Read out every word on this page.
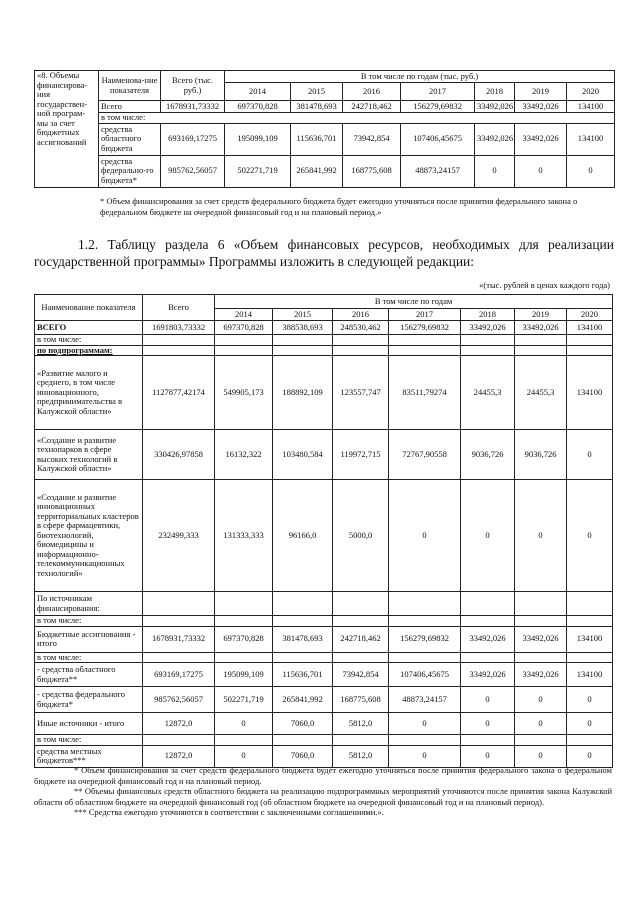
«8. Объемы финансирова-ния государствен-ной програм-мы за счет бюджетных ассигнований	Наименова-ние показателя	Всего (тыс. руб.)	В том числе по годам (тыс. руб.)						
			2014	2015	2016	2017	2018	2019	2020
	Всего	1678931,73332	697370,828	381478,693	242718,462	156279,69832	33492,026	33492,026	134100
	в том числе:								
	средства областного бюджета	693169,17275	195099,109	115636,701	73942,854	107406,45675	33492,026	33492,026	134100
	средства федерально-го бюджета*	985762,56057	502271,719	265841,992	168775,608	48873,24157	0	0	0
* Объем финансирования за счет средств федерального бюджета будет ежегодно уточняться после принятия федерального закона о федеральном бюджете на очередной финансовый год и на плановый период.»
1.2. Таблицу раздела 6 «Объем финансовых ресурсов, необходимых для реализации государственной программы» Программы изложить в следующей редакции:
«(тыс. рублей в ценах каждого года)
Наименование показателя	Всего	В том числе по годам						
		2014	2015	2016	2017	2018	2019	2020
ВСЕГО	1691803,73332	697370,828	388538,693	248530,462	156279,69832	33492,026	33492,026	134100
в том числе:								
по подпрограммам:								
«Развитие малого и среднего, в том числе инновационного, предпринимательства в Калужской области»	1127877,42174	549905,173	188892,109	123557,747	83511,79274	24455,3	24455,3	134100
«Создание и развитие технопарков в сфере высоких технологий в Калужской области»	330426,97858	16132,322	103480,584	119972,715	72767,90558	9036,726	9036,726	0
«Создание и развитие инновационных территориальных кластеров в сфере фармацевтики, биотехнологий, биомедицины и информационно-телекоммуникационных технологий»	232499,333	131333,333	96166,0	5000,0	0	0	0	0
По источникам финансирования:								
в том числе:								
Бюджетные ассигнования - итого	1678931,73332	697370,828	381478,693	242718,462	156279,69832	33492,026	33492,026	134100
в том числе:								
- средства областного бюджета**	693169,17275	195099,109	115636,701	73942,854	107406,45675	33492,026	33492,026	134100
- средства федерального бюджета*	985762,56057	502271,719	265841,992	168775,608	48873,24157	0	0	0
Иные источники - итого	12872,0	0	7060,0	5812,0	0	0	0	0
в том числе:								
средства местных бюджетов***	12872,0	0	7060,0	5812,0	0	0	0	0
* Объем финансирования за счет средств федерального бюджета будет ежегодно уточняться после принятия федерального закона о федеральном бюджете на очередной финансовый год и на плановый период.
** Объемы финансовых средств областного бюджета на реализацию подпрограммных мероприятий уточняются после принятия закона Калужской области об областном бюджете на очередной финансовый год (об областном бюджете на очередной финансовый год и на плановый период).
*** Средства ежегодно уточняются в соответствии с заключенными соглашениями.».
